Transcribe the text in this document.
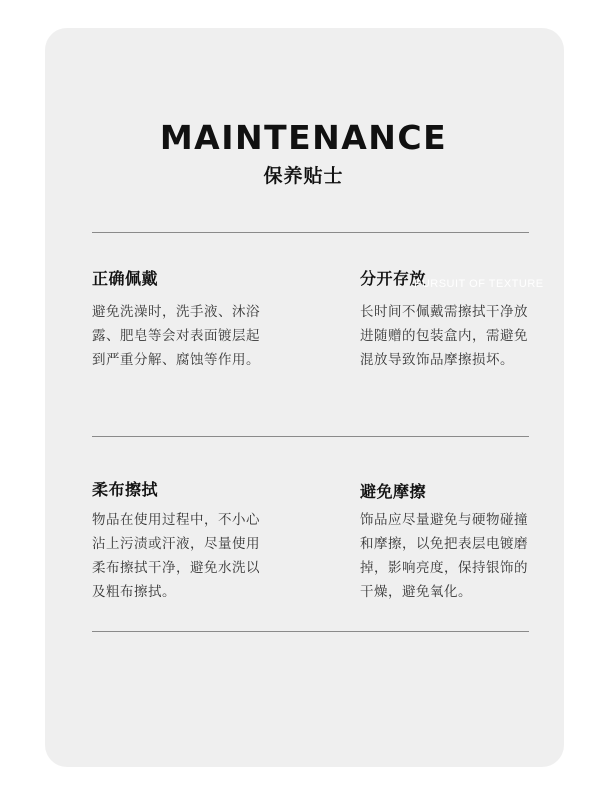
MAINTENANCE
保养贴士
正确佩戴
避免洗澡时，洗手液、沐浴露、肥皂等会对表面镀层起到严重分解、腐蚀等作用。
分开存放
长时间不佩戴需擦拭干净放进随赠的包装盒内，需避免混放导致饰品摩擦损坏。
PURSUIT OF TEXTURE
柔布擦拭
物品在使用过程中，不小心沾上污渍或汗液，尽量使用柔布擦拭干净，避免水洗以及粗布擦拭。
避免摩擦
饰品应尽量避免与硬物碰撞和摩擦，以免把表层电镀磨掉，影响亮度，保持银饰的干燥，避免氧化。
